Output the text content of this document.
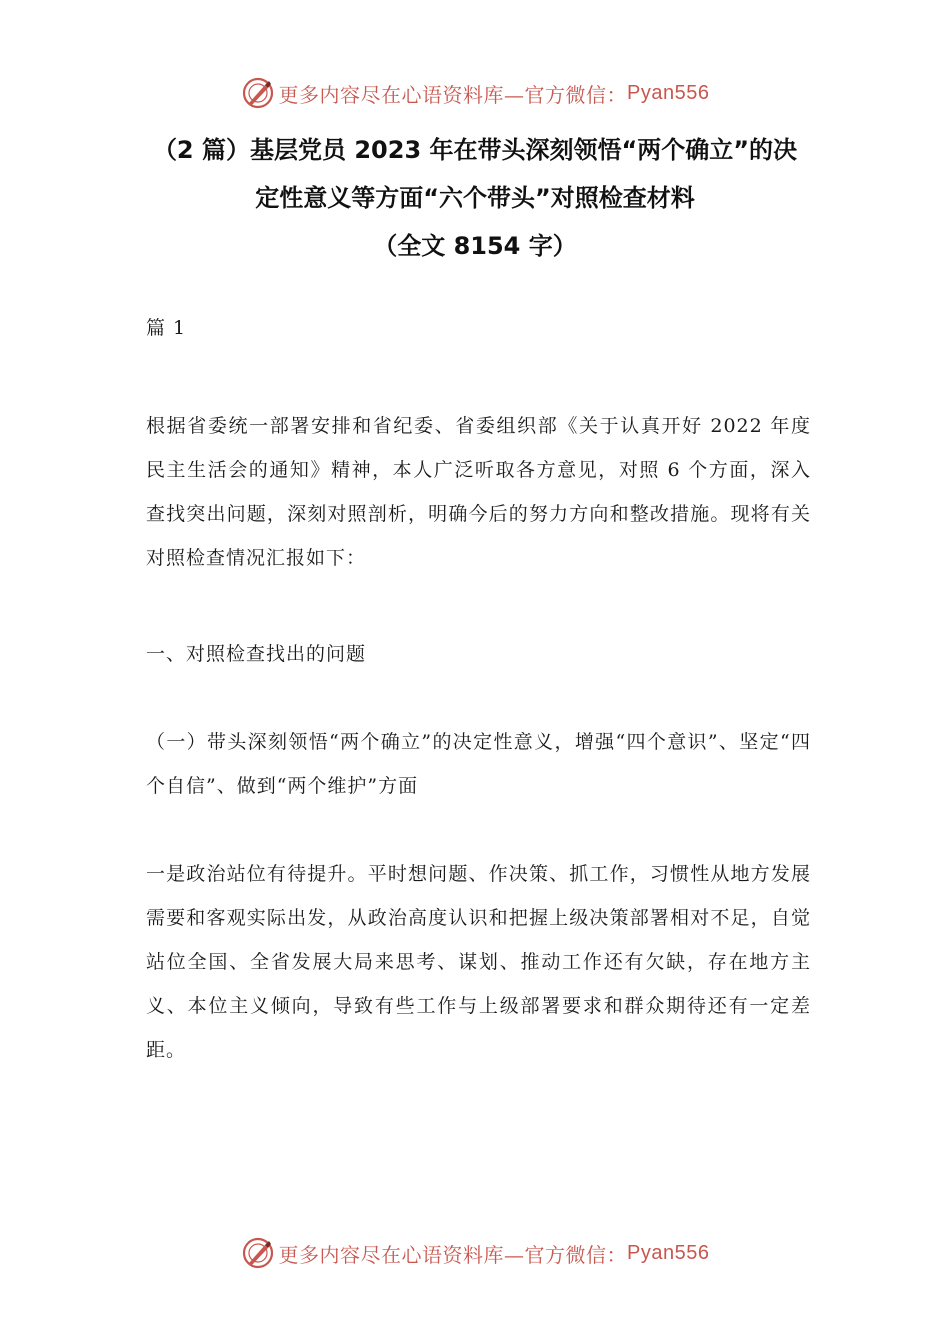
更多内容尽在心语资料库—官方微信： Pyan556
（2 篇）基层党员 2023 年在带头深刻领悟“两个确立”的决
定性意义等方面“六个带头”对照检查材料
（全文 8154 字）

篇 1

根据省委统一部署安排和省纪委、省委组织部《关于认真开好 2022 年度民主生活会的通知》精神，本人广泛听取各方意见，对照 6 个方面，深入查找突出问题，深刻对照剖析，明确今后的努力方向和整改措施。现将有关对照检查情况汇报如下：

一、对照检查找出的问题

（一）带头深刻领悟“两个确立”的决定性意义，增强“四个意识”、坚定“四个自信”、做到“两个维护”方面

一是政治站位有待提升。平时想问题、作决策、抓工作，习惯性从地方发展需要和客观实际出发，从政治高度认识和把握上级决策部署相对不足，自觉站位全国、全省发展大局来思考、谋划、推动工作还有欠缺，存在地方主义、本位主义倾向，导致有些工作与上级部署要求和群众期待还有一定差距。

更多内容尽在心语资料库—官方微信： Pyan556
